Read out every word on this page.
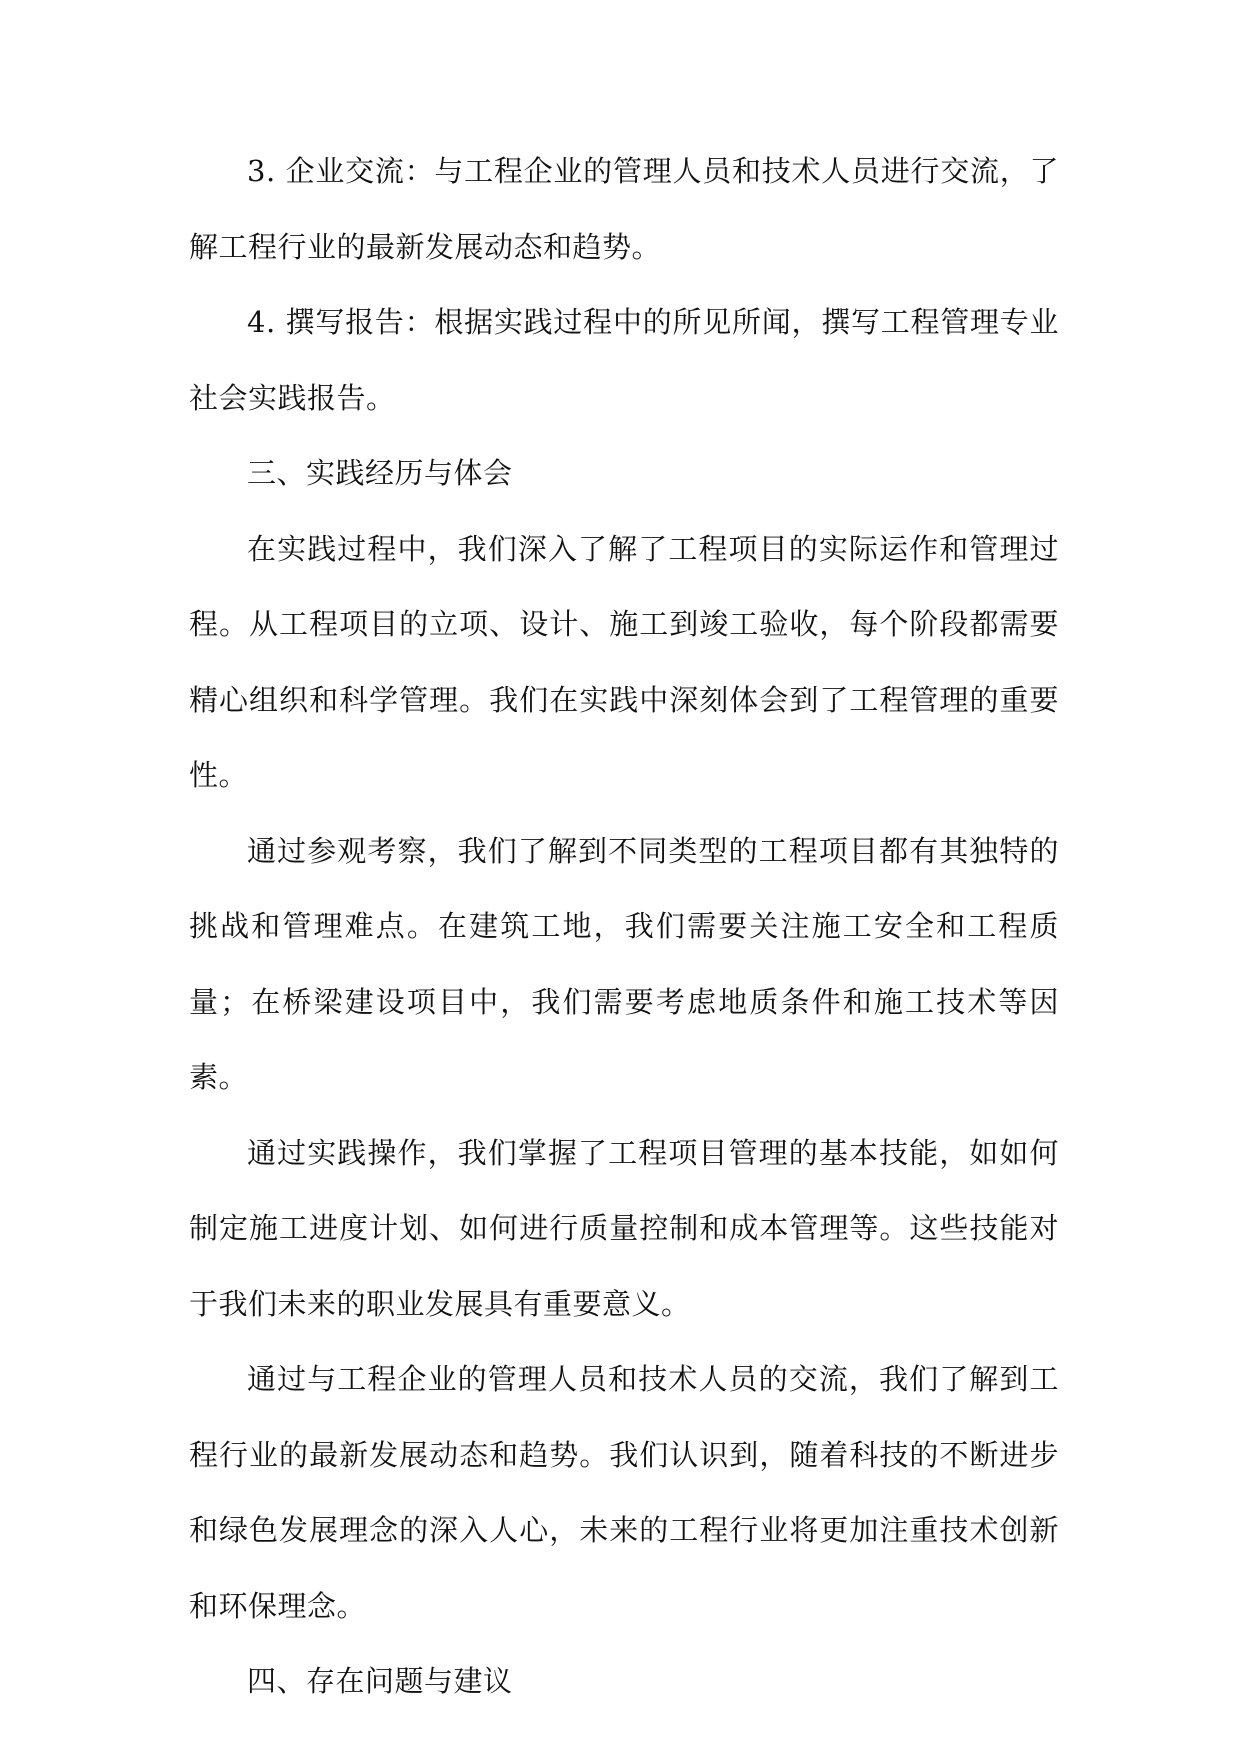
3. 企业交流：与工程企业的管理人员和技术人员进行交流，了解工程行业的最新发展动态和趋势。

4. 撰写报告：根据实践过程中的所见所闻，撰写工程管理专业社会实践报告。

三、实践经历与体会

在实践过程中，我们深入了解了工程项目的实际运作和管理过程。从工程项目的立项、设计、施工到竣工验收，每个阶段都需要精心组织和科学管理。我们在实践中深刻体会到了工程管理的重要性。

通过参观考察，我们了解到不同类型的工程项目都有其独特的挑战和管理难点。在建筑工地，我们需要关注施工安全和工程质量；在桥梁建设项目中，我们需要考虑地质条件和施工技术等因素。

通过实践操作，我们掌握了工程项目管理的基本技能，如如何制定施工进度计划、如何进行质量控制和成本管理等。这些技能对于我们未来的职业发展具有重要意义。

通过与工程企业的管理人员和技术人员的交流，我们了解到工程行业的最新发展动态和趋势。我们认识到，随着科技的不断进步和绿色发展理念的深入人心，未来的工程行业将更加注重技术创新和环保理念。

四、存在问题与建议
